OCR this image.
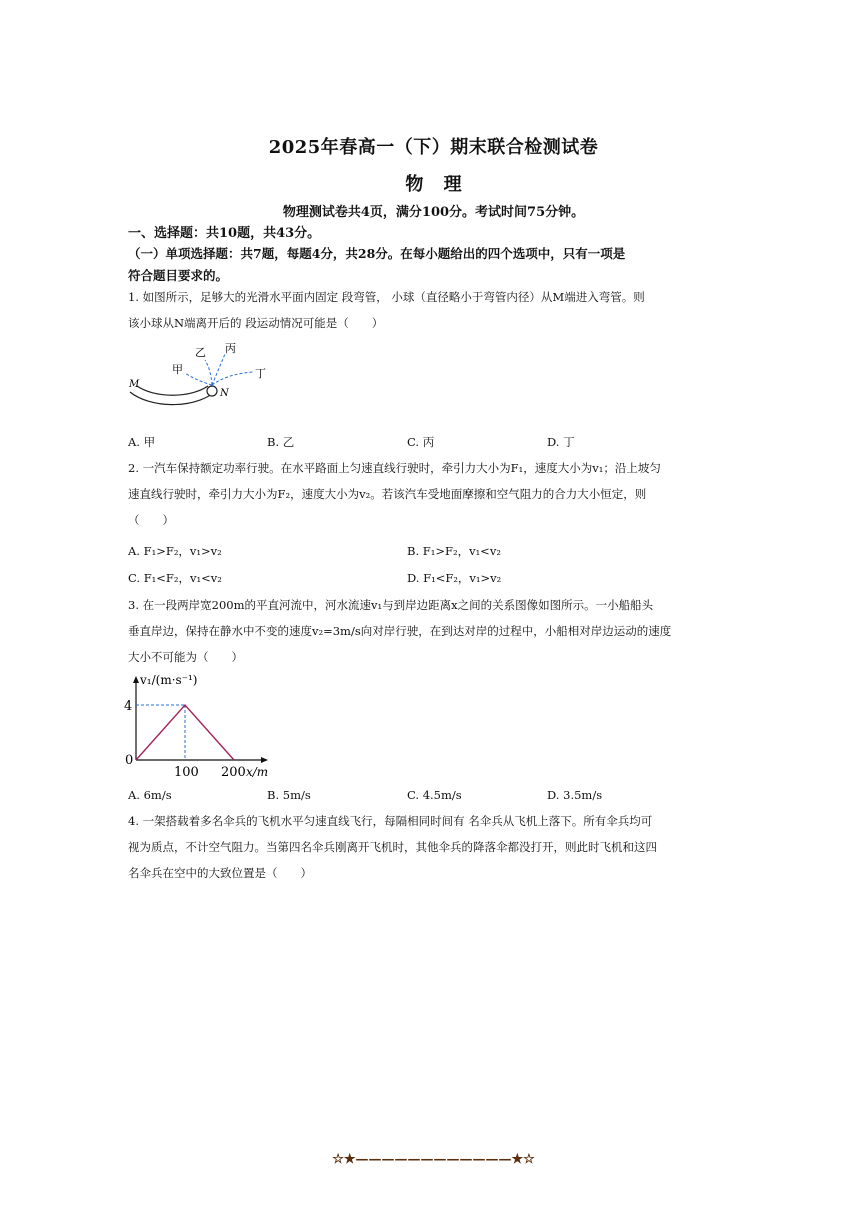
2025年春高一（下）期末联合检测试卷
物 理
物理测试卷共4页，满分100分。考试时间75分钟。
一、选择题：共10题，共43分。
（一）单项选择题：共7题，每题4分，共28分。在每小题给出的四个选项中，只有一项是
符合题目要求的。
1. 如图所示，足够大的光滑水平面内固定 段弯管， 小球（直径略小于弯管内径）从M端进入弯管。则
该小球从N端离开后的 段运动情况可能是（　　）
甲
乙 丙
丁
M
N
A. 甲	B. 乙	C. 丙	D. 丁
2. 一汽车保持额定功率行驶。在水平路面上匀速直线行驶时，牵引力大小为F₁，速度大小为v₁；沿上坡匀
速直线行驶时，牵引力大小为F₂，速度大小为v₂。若该汽车受地面摩擦和空气阻力的合力大小恒定，则
（　　）
A. F₁>F₂，v₁>v₂	B. F₁>F₂，v₁<v₂
C. F₁<F₂，v₁<v₂	D. F₁<F₂，v₁>v₂
3. 在一段两岸宽200m的平直河流中，河水流速v₁与到岸边距离x之间的关系图像如图所示。一小船船头
垂直岸边，保持在静水中不变的速度v₂=3m/s向对岸行驶，在到达对岸的过程中，小船相对岸边运动的速度
大小不可能为（　　）
0
100 200
4
x/m
v₁/(m·s⁻¹)
A. 6m/s	B. 5m/s	C. 4.5m/s	D. 3.5m/s
4. 一架搭载着多名伞兵的飞机水平匀速直线飞行，每隔相同时间有 名伞兵从飞机上落下。所有伞兵均可
视为质点，不计空气阻力。当第四名伞兵刚离开飞机时，其他伞兵的降落伞都没打开，则此时飞机和这四
名伞兵在空中的大致位置是（　　）
☆★————————————★☆
